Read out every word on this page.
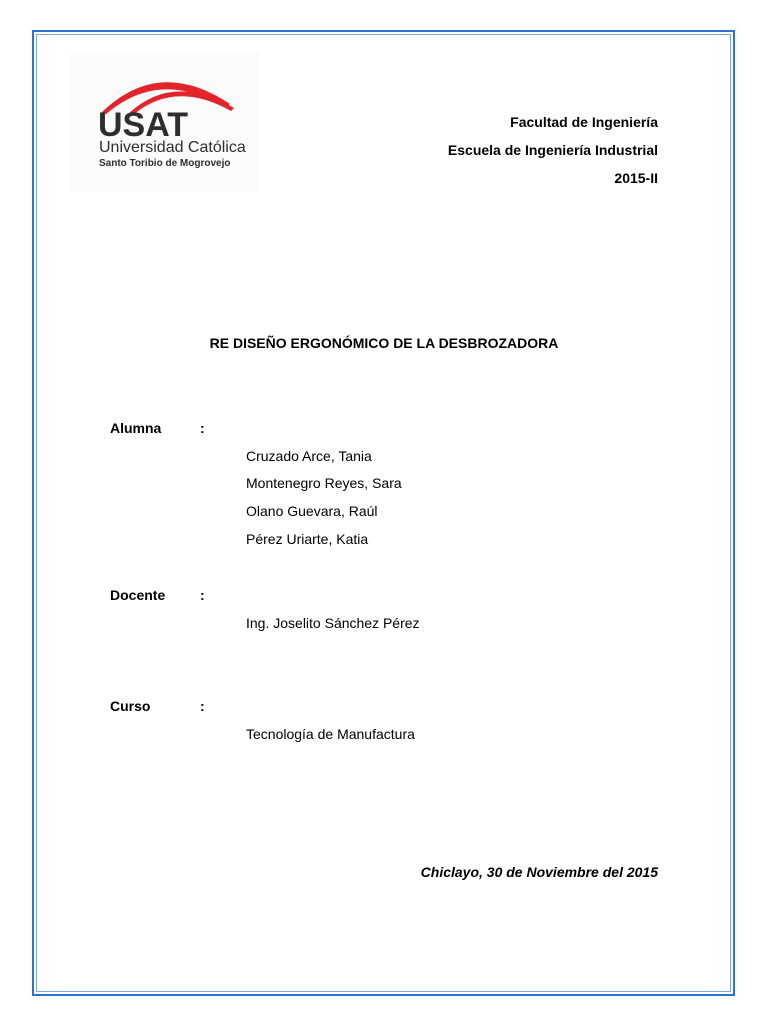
USAT
Universidad Católica
Santo Toribio de Mogrovejo
Facultad de Ingeniería
Escuela de Ingeniería Industrial
2015-II
RE DISEÑO ERGONÓMICO DE LA DESBROZADORA
Alumna	:
Cruzado Arce, Tania
Montenegro Reyes, Sara
Olano Guevara, Raúl
Pérez Uriarte, Katia
Docente :
Ing. Joselito Sánchez Pérez
Curso	:
Tecnología de Manufactura
Chiclayo, 30 de Noviembre del 2015
